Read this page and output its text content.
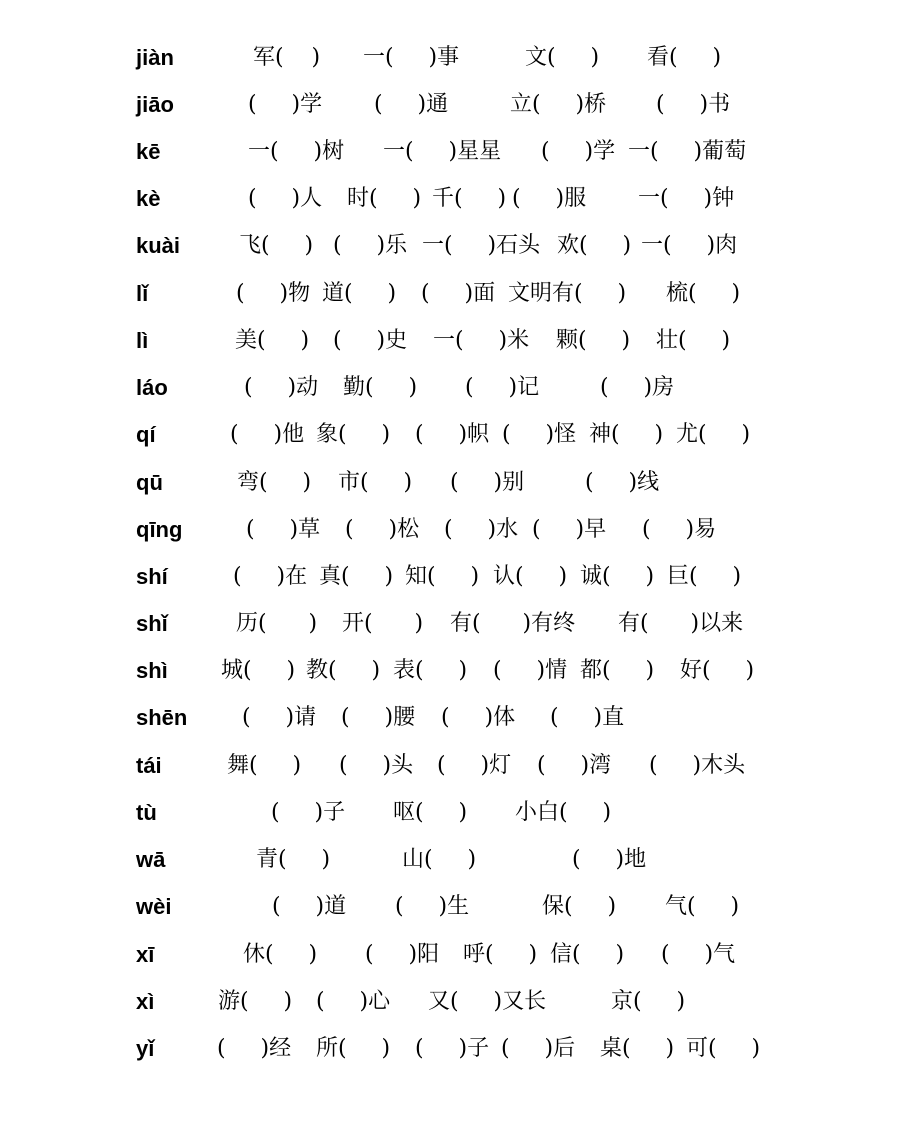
jiàn	军(    ) 一(     )事	文(     ) 看(     )
jiāo	(     )学 (     )通	立(     )桥 (     )书
kē	一(     )树 一(     )星星 (     )学 一(     )葡萄
kè	(     )人 时(     ) 千(     ) (     )服 一(     )钟
kuài	飞(     ) (     )乐 一(     )石头 欢(     ) 一(     )肉
lǐ	(     )物 道(     ) (     )面 文明有(     ) 梳(     )
lì	美(     ) (     )史 一(     )米 颗(     ) 壮(     )
láo	(     )动 勤(     ) (     )记	(     )房
qí	(     )他 象(     ) (     )帜 (     )怪 神(     ) 尤(     )
qū	弯(     ) 市(     ) (     )别	(     )线
qīng	(     )草 (     )松 (     )水 (     )早 (     )易
shí	(     )在 真(     ) 知(     ) 认(     ) 诚(     ) 巨(     )
shǐ	历(      ) 开(      ) 有(      )有终 有(      )以来
shì 城(     ) 教(     ) 表(     ) (     )情 都(     ) 好(     )
shēn (     )请 (     )腰 (     )体 (     )直
tái	舞(     ) (     )头 (     )灯 (     )湾 (     )木头
tù	(     )子 呕(     ) 小白(     )
wā	青(     )	山(     )	(     )地
wèi	(     )道 (     )生	保(     ) 气(     )
xī	休(     ) (     )阳 呼(     ) 信(     ) (     )气
xì	游(     ) (     )心 又(     )又长	京(     )
yǐ	(     )经 所(     ) (     )子 (     )后 桌(     ) 可(     )
